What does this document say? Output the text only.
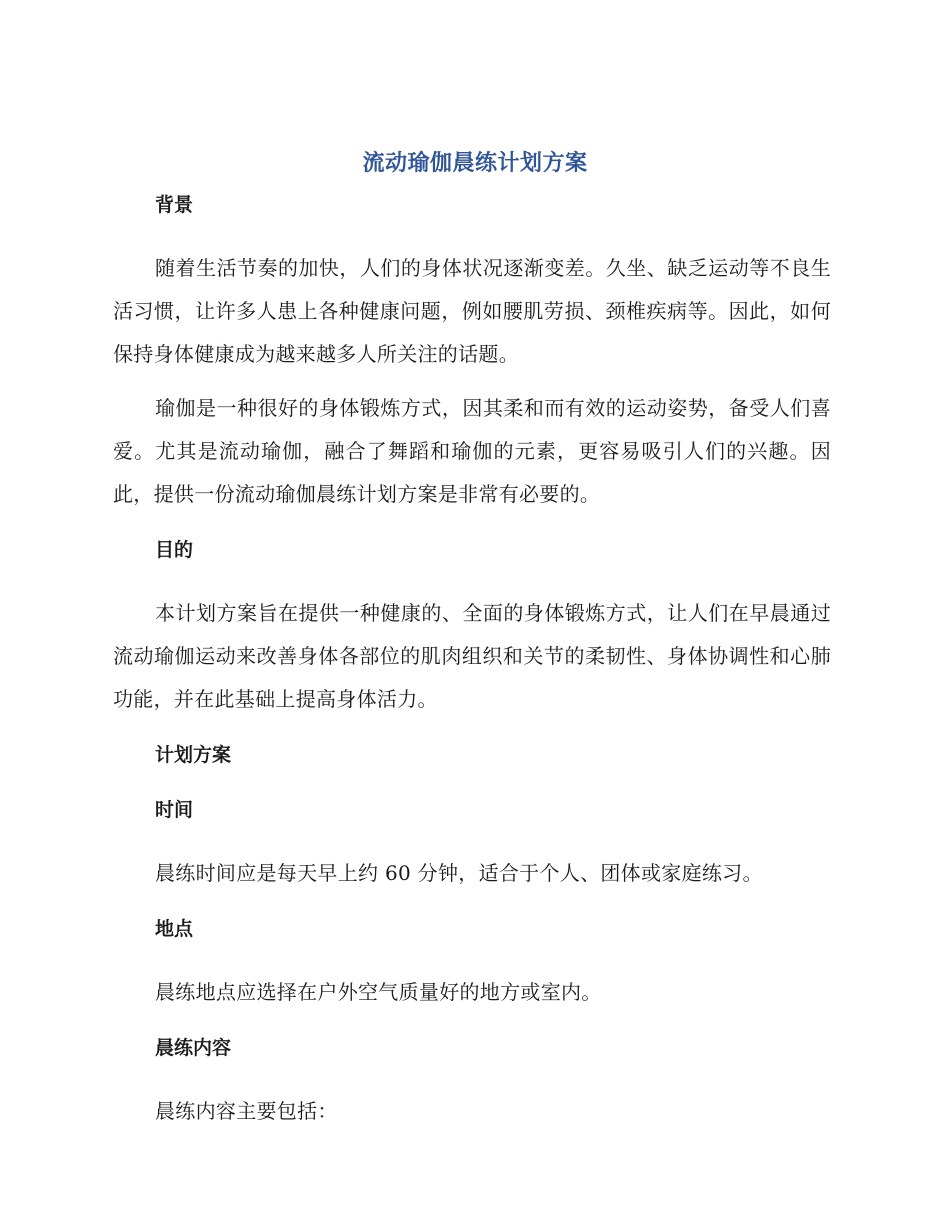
流动瑜伽晨练计划方案
背景

随着生活节奏的加快，人们的身体状况逐渐变差。久坐、缺乏运动等不良生活习惯，让许多人患上各种健康问题，例如腰肌劳损、颈椎疾病等。因此，如何保持身体健康成为越来越多人所关注的话题。

瑜伽是一种很好的身体锻炼方式，因其柔和而有效的运动姿势，备受人们喜爱。尤其是流动瑜伽，融合了舞蹈和瑜伽的元素，更容易吸引人们的兴趣。因此，提供一份流动瑜伽晨练计划方案是非常有必要的。

目的

本计划方案旨在提供一种健康的、全面的身体锻炼方式，让人们在早晨通过流动瑜伽运动来改善身体各部位的肌肉组织和关节的柔韧性、身体协调性和心肺功能，并在此基础上提高身体活力。

计划方案
时间

晨练时间应是每天早上约 60 分钟，适合于个人、团体或家庭练习。

地点

晨练地点应选择在户外空气质量好的地方或室内。

晨练内容

晨练内容主要包括：
